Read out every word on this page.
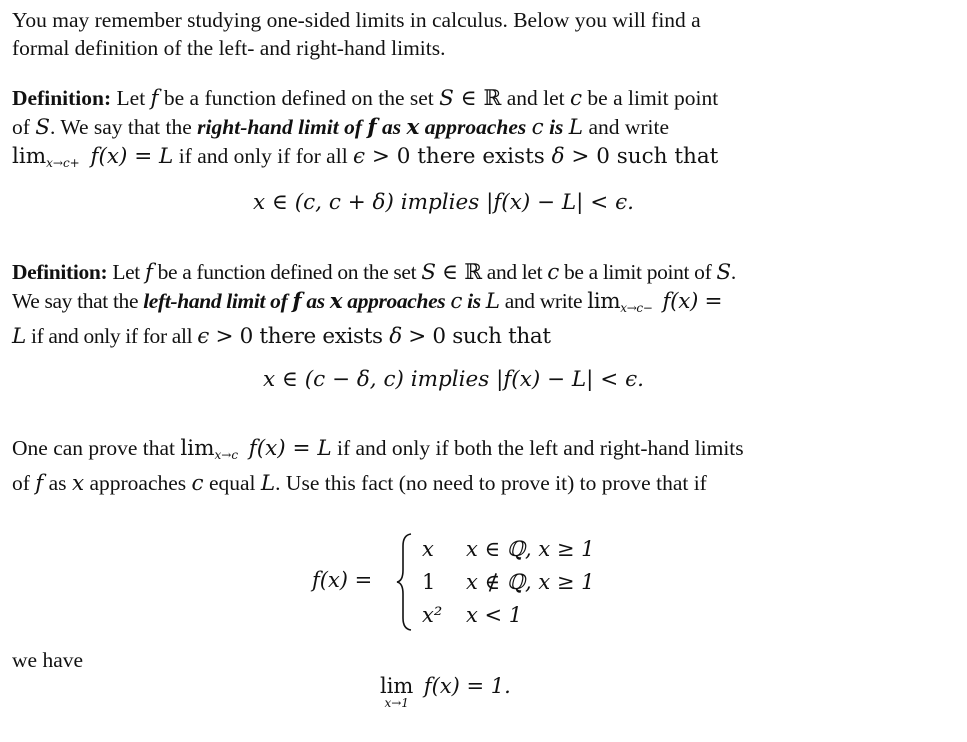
You may remember studying one-sided limits in calculus. Below you will find a
formal definition of the left- and right-hand limits.
Definition: Let f be a function defined on the set S ∈ ℝ and let c be a limit point
of S. We say that the right-hand limit of f as x approaches c is L and write
limx→c+ f(x) = L if and only if for all ϵ > 0 there exists δ > 0 such that
x ∈ (c, c + δ) implies |f(x) − L| < ϵ.
Definition: Let f be a function defined on the set S ∈ ℝ and let c be a limit point of S.
We say that the left-hand limit of f as x approaches c is L and write limx→c− f(x) =
L if and only if for all ϵ > 0 there exists δ > 0 such that
x ∈ (c − δ, c) implies |f(x) − L| < ϵ.
One can prove that limx→c f(x) = L if and only if both the left and right-hand limits
of f as x approaches c equal L. Use this fact (no need to prove it) to prove that if
f(x) =
x x ∈ ℚ, x ≥ 1
1 x ∉ ℚ, x ≥ 1
x² x < 1
we have
lim
x→1
f(x) = 1.
